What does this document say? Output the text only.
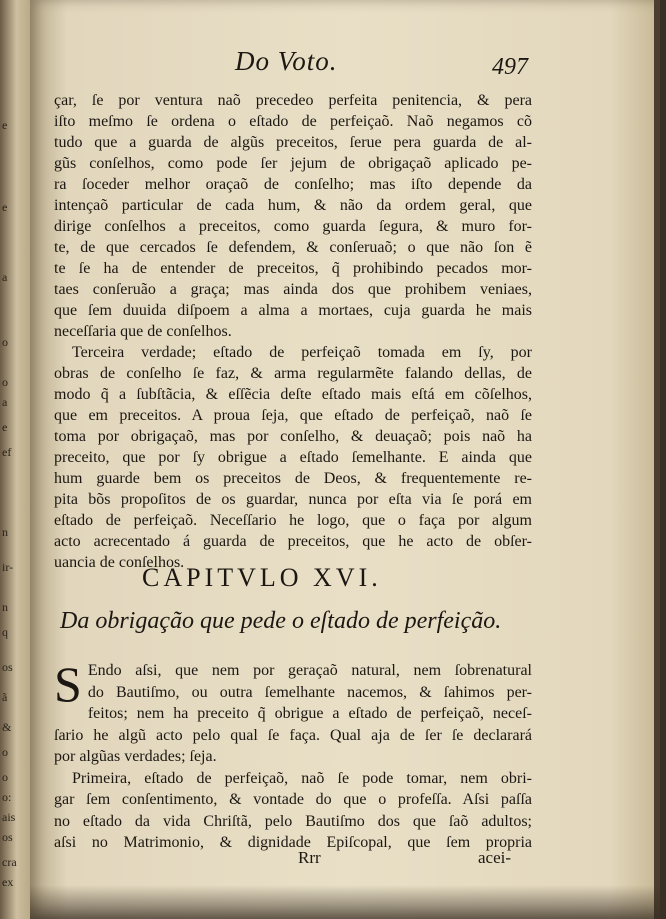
e
e
a
o
o
a
e
ef
n
ir-
n
q
os
ã
&
o
o
o:
ais
os
cra
ex
Do Voto.	497
çar, ſe por ventura naõ precedeo perfeita penitencia, & pera
iſto meſmo ſe ordena o eſtado de perfeiçaõ. Naõ negamos cõ
tudo que a guarda de algũs preceitos, ſerue pera guarda de al-
gũs conſelhos, como pode ſer jejum de obrigaçaõ aplicado pe-
ra ſoceder melhor oraçaõ de conſelho; mas iſto depende da
intençaõ particular de cada hum, & não da ordem geral, que
dirige conſelhos a preceitos, como guarda ſegura, & muro for-
te, de que cercados ſe defendem, & conſeruaõ; o que não ſon ẽ
te ſe ha de entender de preceitos, q̃ prohibindo pecados mor-
taes conſeruão a graça; mas ainda dos que prohibem veniaes,
que ſem duuida diſpoem a alma a mortaes, cuja guarda he mais
neceſſaria que de conſelhos.
Terceira verdade; eſtado de perfeiçaõ tomada em ſy, por
obras de conſelho ſe faz, & arma regularmẽte falando dellas, de
modo q̃ a ſubſtãcia, & eſſẽcia deſte eſtado mais eſtá em cõſelhos,
que em preceitos. A proua ſeja, que eſtado de perfeiçaõ, naõ ſe
toma por obrigaçaõ, mas por conſelho, & deuaçaõ; pois naõ ha
preceito, que por ſy obrigue a eſtado ſemelhante. E ainda que
hum guarde bem os preceitos de Deos, & frequentemente re-
pita bõs propoſitos de os guardar, nunca por eſta via ſe porá em
eſtado de perfeiçaõ. Neceſſario he logo, que o faça por algum
acto acrecentado á guarda de preceitos, que he acto de obſer-
uancia de conſelhos.
CAPITVLO XVI.
Da obrigação que pede o eſtado de perfeição.
S Endo aſsi, que nem por geraçaõ natural, nem ſobrenatural
do Bautiſmo, ou outra ſemelhante nacemos, & ſahimos per-
feitos; nem ha preceito q̃ obrigue a eſtado de perfeiçaõ, neceſ-
ſario he algũ acto pelo qual ſe faça. Qual aja de ſer ſe declarará
por algũas verdades; ſeja.
Primeira, eſtado de perfeiçaõ, naõ ſe pode tomar, nem obri-
gar ſem conſentimento, & vontade do que o profeſſa. Aſsi paſſa
no eſtado da vida Chriſtã, pelo Bautiſmo dos que ſaõ adultos;
aſsi no Matrimonio, & dignidade Epiſcopal, que ſem propria
Rrr	acei-
